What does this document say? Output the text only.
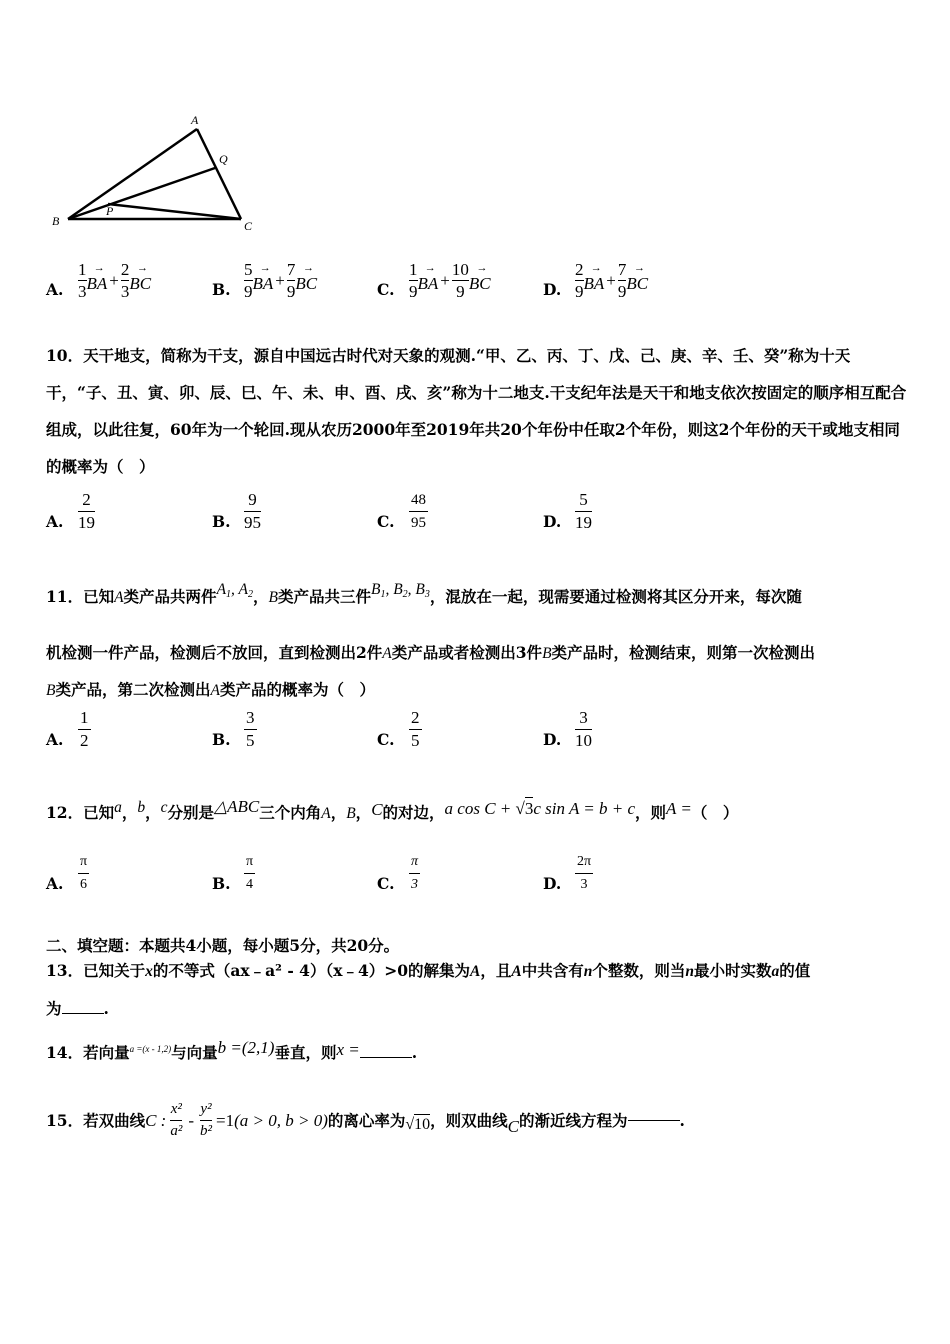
A
Q
B
P
C
A.
1
3 → BA +
2
3 → BC	B.
5
9 → BA +
7
9 → BC	C.
1
9 → BA +
10
9 → BC	D.
2
9 → BA +
7
9 → BC
10．天干地支，简称为干支，源自中国远古时代对天象的观测.“甲、乙、丙、丁、戊、己、庚、辛、壬、癸”称为十天干，“子、丑、寅、卯、辰、巳、午、未、申、酉、戌、亥”称为十二地支.干支纪年法是天干和地支依次按固定的顺序相互配合组成，以此往复，60年为一个轮回.现从农历2000年至2019年共20个年份中任取2个年份，则这2个年份的天干或地支相同的概率为（　）
A.
2
19	B.
9
95	C.
48
95	D.
5
19
11．已知A类产品共两件$A_1$, $A_2$，B类产品共三件$B_1$, $B_2$, $B_3$，混放在一起，现需要通过检测将其区分开来，每次随
机检测一件产品，检测后不放回，直到检测出2件A类产品或者检测出3件B类产品时，检测结束，则第一次检测出
B类产品，第二次检测出A类产品的概率为（　）
A.
1
2	B.
3
5	C.
2
5	D.
3
10
12．已知a，b，c分别是△ABC三个内角A，B，C的对边，a cos C + √3c sin A = b + c，则A =（　）
A.
π
6	B.
π
4	C.
π
3	D.
2π
3
二、填空题：本题共4小题，每小题5分，共20分。
13．已知关于x的不等式（ax﹣a² - 4）（x﹣4）>0的解集为A，且A中共含有n个整数，则当n最小时实数a的值
为	.
14．若向量$^{a =(x - 1,2)}$与向量b =(2,1)垂直，则x =	.
15．若双曲线 C :
x²
a²
-
y²
b²
=1 (a > 0, b > 0) 的离心率为 √10 ，则双曲线 C 的渐近线方程为	.
